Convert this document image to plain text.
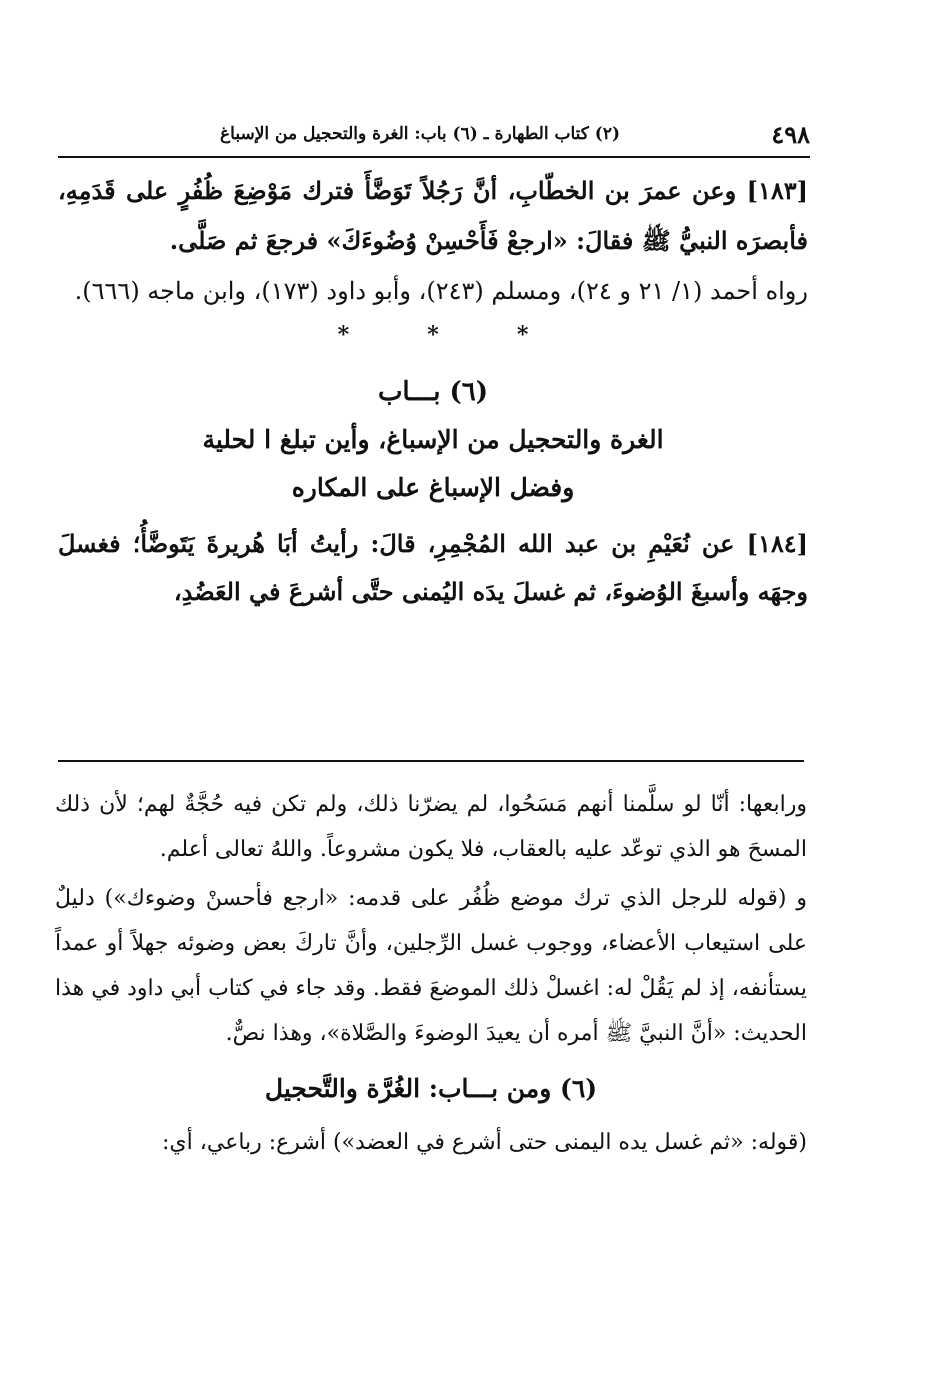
٤٩٨
(٢) كتاب الطهارة ـ (٦) باب: الغرة والتحجيل من الإسباغ

[١٨٣] وعن عمرَ بن الخطّابِ، أنَّ رَجُلاً تَوَضَّأَ فترك مَوْضِعَ ظُفُرٍ على قَدَمِهِ، فأبصرَه النبيُّ ﷺ فقالَ: «ارجعْ فَأَحْسِنْ وُضُوءَكَ» فرجعَ ثم صَلَّى.

رواه أحمد (١/ ٢١ و ٢٤)، ومسلم (٢٤٣)، وأبو داود (١٧٣)، وابن ماجه (٦٦٦).

*	*	*
(٦) بـــاب
الغرة والتحجيل من الإسباغ، وأين تبلغ ا لحلية
وفضل الإسباغ على المكاره

[١٨٤] عن نُعَيْمِ بن عبد الله المُجْمِرِ، قالَ: رأيتُ أبَا هُريرةَ يَتَوضَّأُ؛ فغسلَ وجهَه وأسبغَ الوُضوءَ، ثم غسلَ يدَه اليُمنى حتَّى أشرعَ في العَضُدِ،

ورابعها: أنّا لو سلَّمنا أنهم مَسَحُوا، لم يضرّنا ذلك، ولم تكن فيه حُجَّةٌ لهم؛ لأن ذلك المسحَ هو الذي توعّد عليه بالعقاب، فلا يكون مشروعاً. واللهُ تعالى أعلم.

و (قوله للرجل الذي ترك موضع ظُفُر على قدمه: «ارجع فأحسنْ وضوءك») دليلٌ على استيعاب الأعضاء، ووجوب غسل الرِّجلين، وأنَّ تاركَ بعض وضوئه جهلاً أو عمداً يستأنفه، إذ لم يَقُلْ له: اغسلْ ذلك الموضعَ فقط. وقد جاء في كتاب أبي داود في هذا الحديث: «أنَّ النبيَّ ﷺ أمره أن يعيدَ الوضوءَ والصَّلاة»، وهذا نصٌّ.

(٦) ومن بـــاب: الغُرَّة والتَّحجيل

(قوله: «ثم غسل يده اليمنى حتى أشرع في العضد») أشرع: رباعي، أي:
